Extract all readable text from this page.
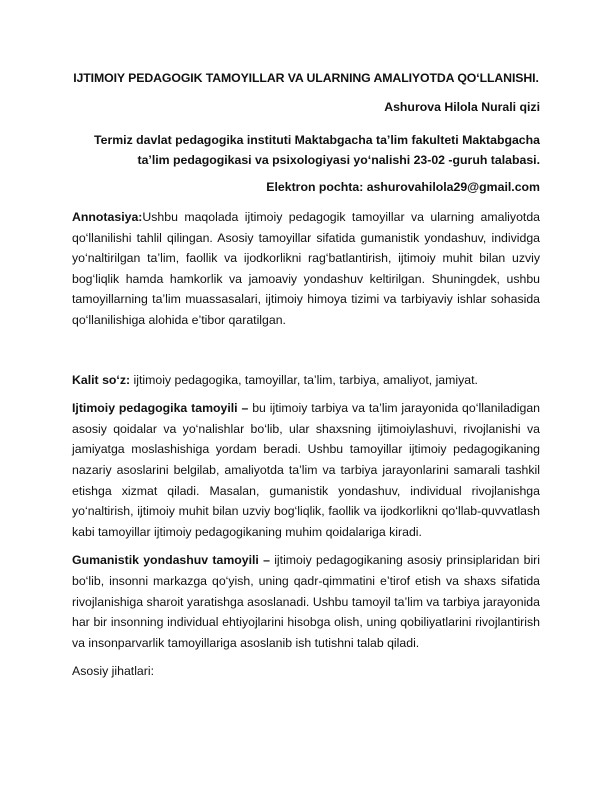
IJTIMOIY PEDAGOGIK TAMOYILLAR VA ULARNING AMALIYOTDA QO‘LLANISHI.

Ashurova Hilola Nurali qizi
Termiz davlat pedagogika instituti Maktabgacha ta’lim fakulteti Maktabgacha
ta’lim pedagogikasi va psixologiyasi yo‘nalishi 23-02 -guruh talabasi.
Elektron pochta: ashurovahilola29@gmail.com

Annotasiya:Ushbu maqolada ijtimoiy pedagogik tamoyillar va ularning amaliyotda qo‘llanilishi tahlil qilingan. Asosiy tamoyillar sifatida gumanistik yondashuv, individga yo‘naltirilgan ta’lim, faollik va ijodkorlikni rag‘batlantirish, ijtimoiy muhit bilan uzviy bog‘liqlik hamda hamkorlik va jamoaviy yondashuv keltirilgan. Shuningdek, ushbu tamoyillarning ta’lim muassasalari, ijtimoiy himoya tizimi va tarbiyaviy ishlar sohasida qo‘llanilishiga alohida e’tibor qaratilgan.

Kalit so‘z: ijtimoiy pedagogika, tamoyillar, ta’lim, tarbiya, amaliyot, jamiyat.

Ijtimoiy pedagogika tamoyili – bu ijtimoiy tarbiya va ta’lim jarayonida qo‘llaniladigan asosiy qoidalar va yo‘nalishlar bo‘lib, ular shaxsning ijtimoiylashuvi, rivojlanishi va jamiyatga moslashishiga yordam beradi. Ushbu tamoyillar ijtimoiy pedagogikaning nazariy asoslarini belgilab, amaliyotda ta’lim va tarbiya jarayonlarini samarali tashkil etishga xizmat qiladi. Masalan, gumanistik yondashuv, individual rivojlanishga yo‘naltirish, ijtimoiy muhit bilan uzviy bog‘liqlik, faollik va ijodkorlikni qo‘llab-quvvatlash kabi tamoyillar ijtimoiy pedagogikaning muhim qoidalariga kiradi.

Gumanistik yondashuv tamoyili – ijtimoiy pedagogikaning asosiy prinsiplaridan biri bo‘lib, insonni markazga qo‘yish, uning qadr-qimmatini e’tirof etish va shaxs sifatida rivojlanishiga sharoit yaratishga asoslanadi. Ushbu tamoyil ta’lim va tarbiya jarayonida har bir insonning individual ehtiyojlarini hisobga olish, uning qobiliyatlarini rivojlantirish va insonparvarlik tamoyillariga asoslanib ish tutishni talab qiladi.

Asosiy jihatlari:
